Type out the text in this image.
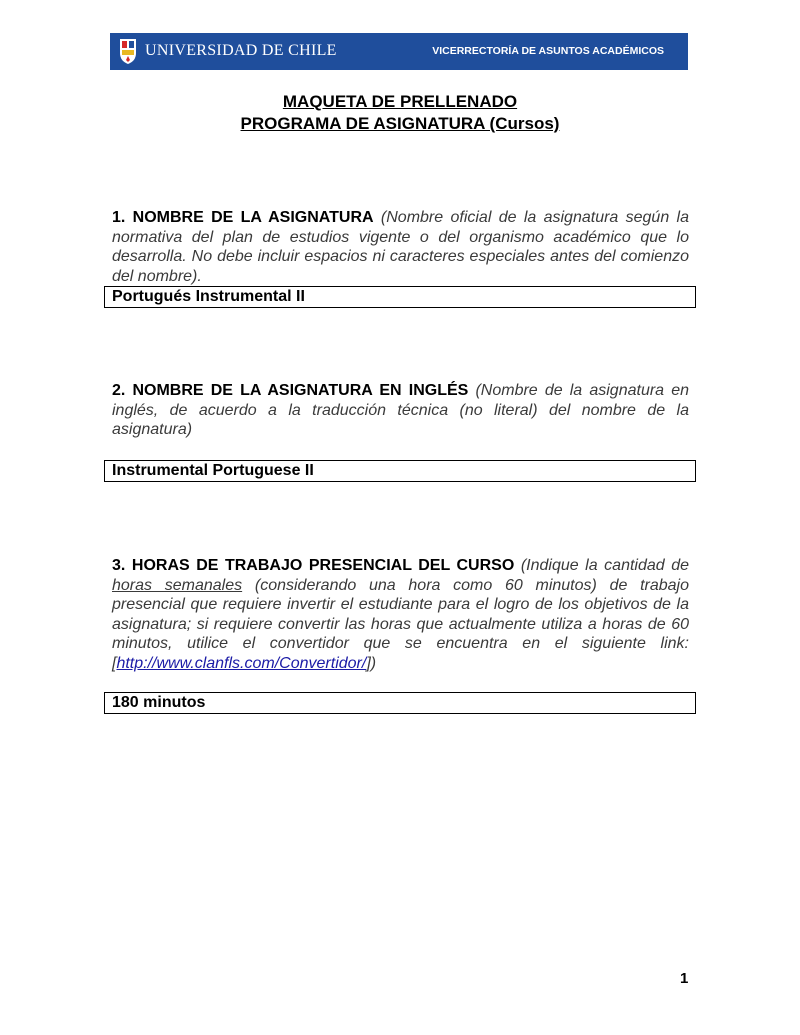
UNIVERSIDAD DE CHILE	VICERRECTORÍA DE ASUNTOS ACADÉMICOS
MAQUETA DE PRELLENADO
PROGRAMA DE ASIGNATURA (Cursos)
1. NOMBRE DE LA ASIGNATURA (Nombre oficial de la asignatura según la normativa del plan de estudios vigente o del organismo académico que lo desarrolla. No debe incluir espacios ni caracteres especiales antes del comienzo del nombre).
Portugués Instrumental II
2. NOMBRE DE LA ASIGNATURA EN INGLÉS (Nombre de la asignatura en inglés, de acuerdo a la traducción técnica (no literal) del nombre de la asignatura)
Instrumental Portuguese II
3. HORAS DE TRABAJO PRESENCIAL DEL CURSO (Indique la cantidad de horas semanales (considerando una hora como 60 minutos) de trabajo presencial que requiere invertir el estudiante para el logro de los objetivos de la asignatura; si requiere convertir las horas que actualmente utiliza a horas de 60 minutos, utilice el convertidor que se encuentra en el siguiente link: [http://www.clanfls.com/Convertidor/])
180 minutos
1
